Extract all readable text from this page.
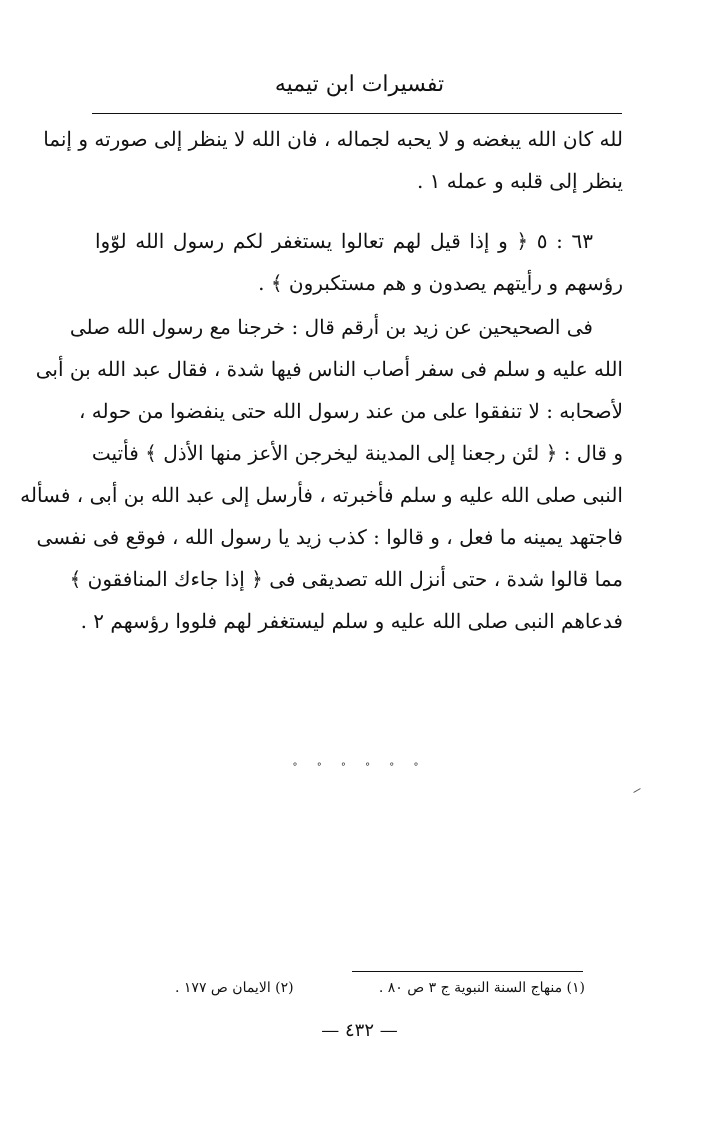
تفسيرات ابن تيميه
لله كان الله يبغضه و لا يحبه لجماله ، فان الله لا ينظر إلى صورته و إنما
ينظر إلى قلبه و عمله ١ .
٦٣ : ٥ ﴿ و إذا قيل لهم تعالوا يستغفر لكم رسول الله لوّوا
رؤسهم و رأيتهم يصدون و هم مستكبرون ﴾ .
فى الصحيحين عن زيد بن أرقم قال : خرجنا مع رسول الله صلى
الله عليه و سلم فى سفر أصاب الناس فيها شدة ، فقال عبد الله بن أبى
لأصحابه : لا تنفقوا على من عند رسول الله حتى ينفضوا من حوله ،
و قال : ﴿ لئن رجعنا إلى المدينة ليخرجن الأعز منها الأذل ﴾ فأتيت
النبى صلى الله عليه و سلم فأخبرته ، فأرسل إلى عبد الله بن أبى ، فسأله
فاجتهد يمينه ما فعل ، و قالوا : كذب زيد يا رسول الله ، فوقع فى نفسى
مما قالوا شدة ، حتى أنزل الله تصديقى فى ﴿ إذا جاءك المنافقون ﴾
فدعاهم النبى صلى الله عليه و سلم ليستغفر لهم فلووا رؤسهم ٢ .
° ° ° ° ° °
(١) منهاج السنة النبوية ج ٣ ص ٨٠ .
(٢) الايمان ص ١٧٧ .
— ٤٣٢ —
